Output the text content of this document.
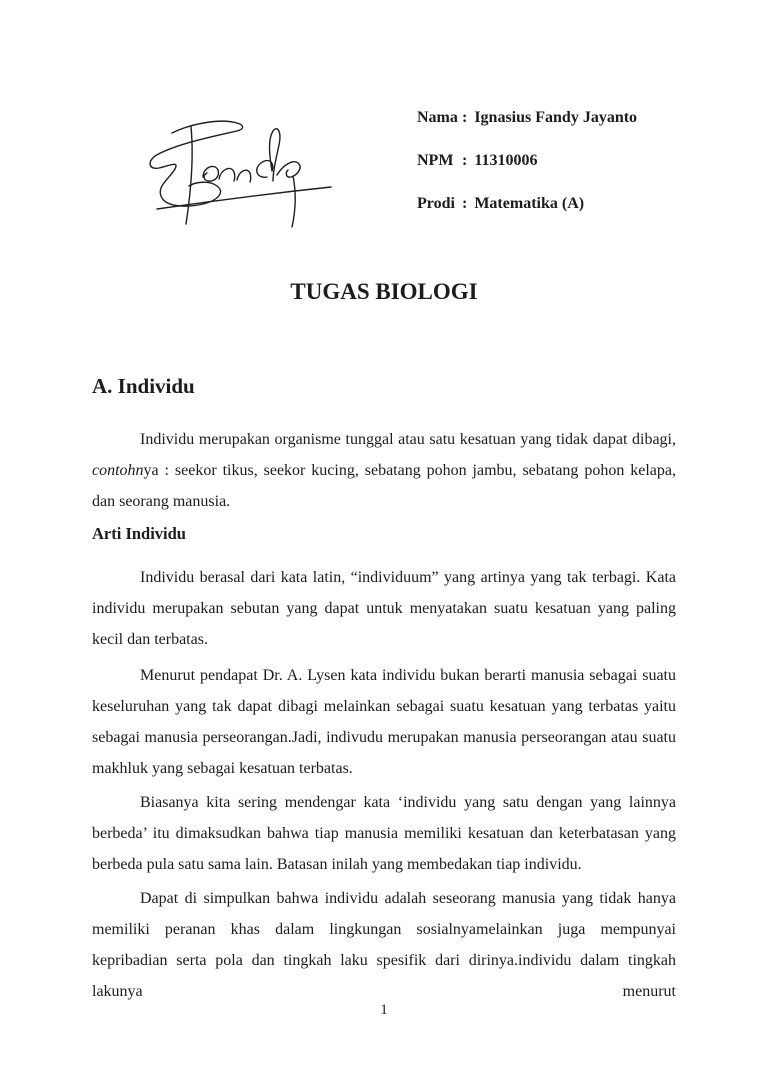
Nama : Ignasius Fandy Jayanto
NPM : 11310006
Prodi : Matematika (A)
TUGAS BIOLOGI
A. Individu

Individu merupakan organisme tunggal atau satu kesatuan yang tidak dapat dibagi, contohnya : seekor tikus, seekor kucing, sebatang pohon jambu, sebatang pohon kelapa, dan seorang manusia.

Arti Individu

Individu berasal dari kata latin, “individuum” yang artinya yang tak terbagi. Kata individu merupakan sebutan yang dapat untuk menyatakan suatu kesatuan yang paling kecil dan terbatas.

Menurut pendapat Dr. A. Lysen kata individu bukan berarti manusia sebagai suatu keseluruhan yang tak dapat dibagi melainkan sebagai suatu kesatuan yang terbatas yaitu sebagai manusia perseorangan.Jadi, indivudu merupakan manusia perseorangan atau suatu makhluk yang sebagai kesatuan terbatas.

Biasanya kita sering mendengar kata ‘individu yang satu dengan yang lainnya berbeda’ itu dimaksudkan bahwa tiap manusia memiliki kesatuan dan keterbatasan yang berbeda pula satu sama lain. Batasan inilah yang membedakan tiap individu.

Dapat di simpulkan bahwa individu adalah seseorang manusia yang tidak hanya memiliki peranan khas dalam lingkungan sosialnyamelainkan juga mempunyai kepribadian serta pola dan tingkah laku spesifik dari dirinya.individu dalam tingkah lakunya menurut

1
